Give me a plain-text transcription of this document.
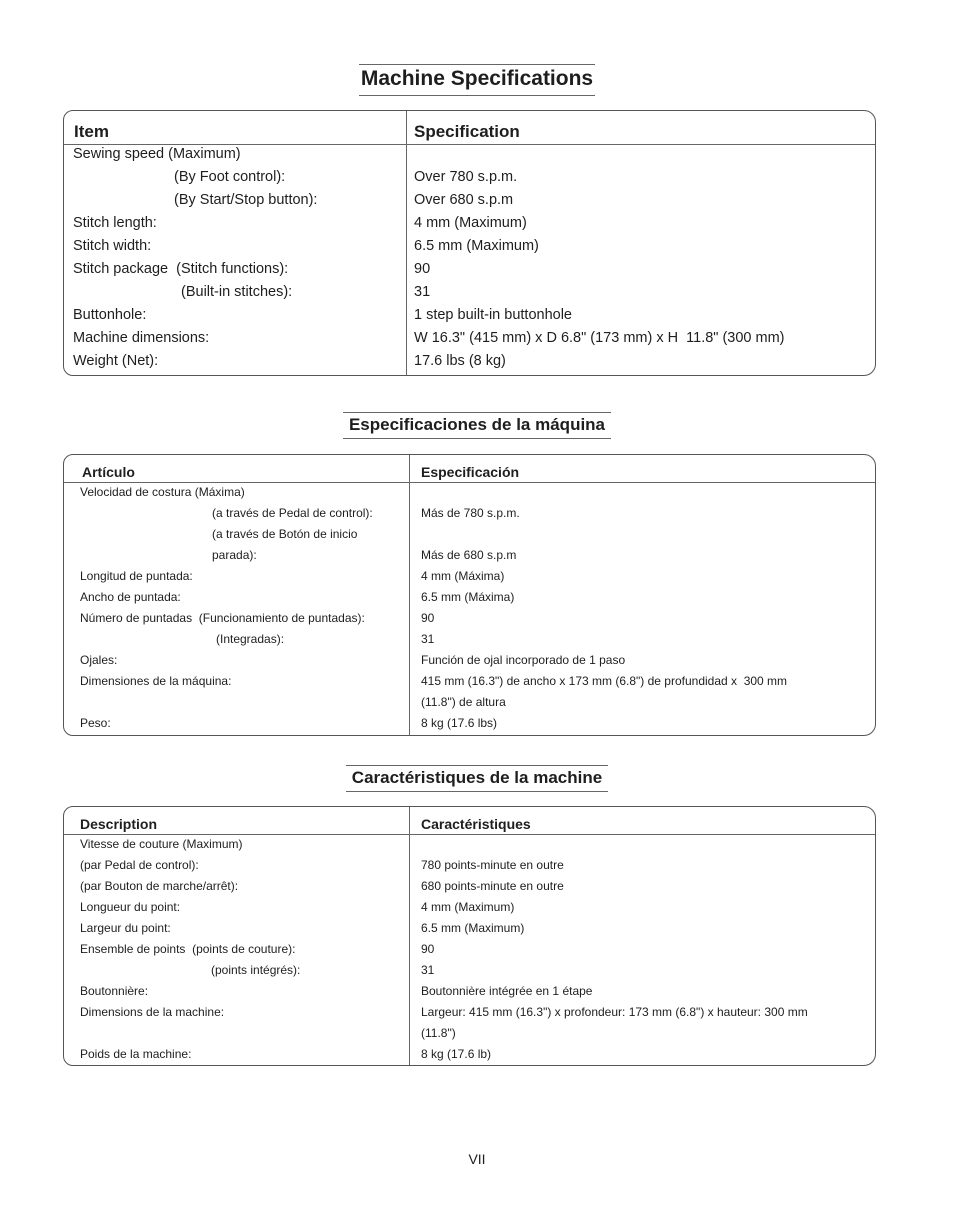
Machine Specifications
Item	Specification
Sewing speed (Maximum)
(By Foot control):	Over 780 s.p.m.
(By Start/Stop button):	Over 680 s.p.m
Stitch length:	4 mm (Maximum)
Stitch width:	6.5 mm (Maximum)
Stitch package  (Stitch functions):	90
(Built-in stitches):	31
Buttonhole:	1 step built-in buttonhole
Machine dimensions:	W 16.3" (415 mm) x D 6.8" (173 mm) x H  11.8" (300 mm)
Weight (Net):	17.6 lbs (8 kg)
Especificaciones de la máquina
Artículo	Especificación
Velocidad de costura (Máxima)
(a través de Pedal de control):	Más de 780 s.p.m.
(a través de Botón de inicio
parada):	Más de 680 s.p.m
Longitud de puntada:	4 mm (Máxima)
Ancho de puntada:	6.5 mm (Máxima)
Número de puntadas  (Funcionamiento de puntadas):	90
(Integradas):	31
Ojales:	Función de ojal incorporado de 1 paso
Dimensiones de la máquina:	415 mm (16.3") de ancho x 173 mm (6.8") de profundidad x  300 mm
(11.8") de altura
Peso:	8 kg (17.6 lbs)
Caractéristiques de la machine
Description	Caractéristiques
Vitesse de couture (Maximum)
(par Pedal de control):	780 points-minute en outre
(par Bouton de marche/arrêt):	680 points-minute en outre
Longueur du point:	4 mm (Maximum)
Largeur du point:	6.5 mm (Maximum)
Ensemble de points  (points de couture):	90
(points intégrés):	31
Boutonnière:	Boutonnière intégrée en 1 étape
Dimensions de la machine:	Largeur: 415 mm (16.3") x profondeur: 173 mm (6.8") x hauteur: 300 mm
(11.8")
Poids de la machine:	8 kg (17.6 lb)
VII
